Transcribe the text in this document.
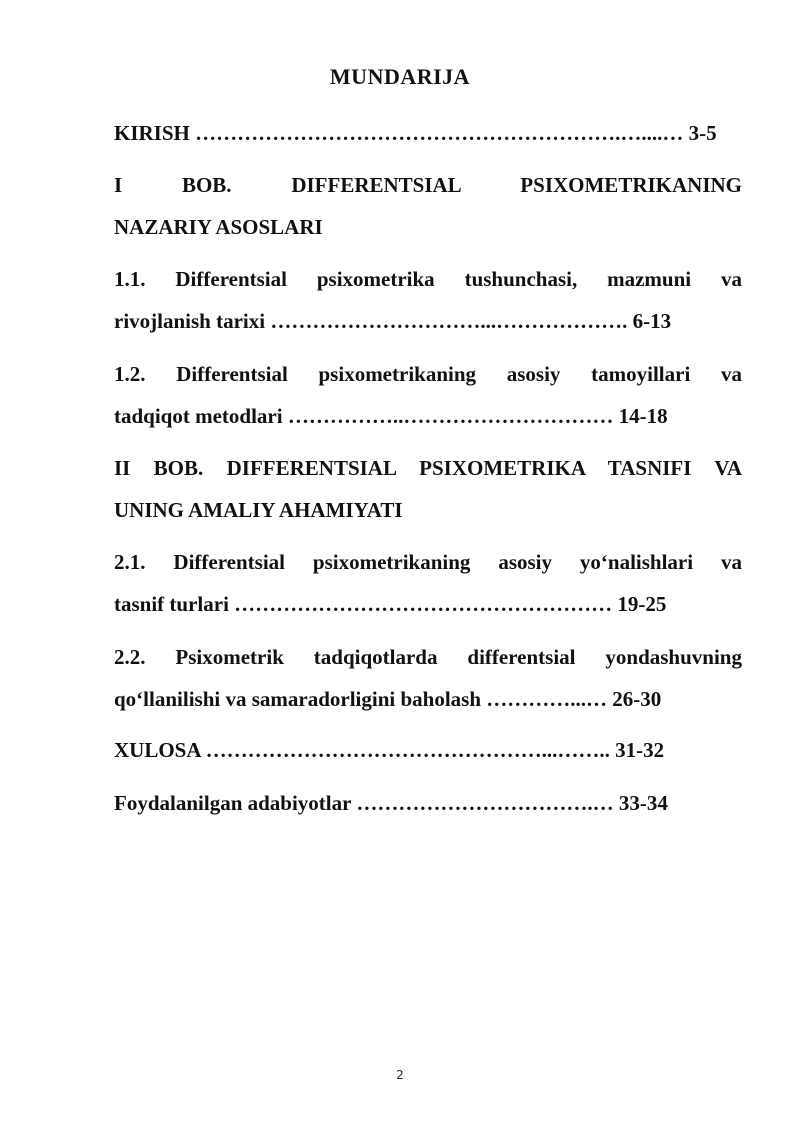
MUNDARIJA
KIRISH …………………………………………………….…....… 3-5
I BOB. DIFFERENTSIAL PSIXOMETRIKANING
NAZARIY ASOSLARI
1.1. Differentsial psixometrika tushunchasi, mazmuni va
rivojlanish tarixi …………………………...………………. 6-13
1.2. Differentsial psixometrikaning asosiy tamoyillari va
tadqiqot metodlari ……………..………………………… 14-18
II BOB. DIFFERENTSIAL PSIXOMETRIKA TASNIFI VA
UNING AMALIY AHAMIYATI
2.1. Differentsial psixometrikaning asosiy yo‘nalishlari va
tasnif turlari ……………………………………………… 19-25
2.2. Psixometrik tadqiqotlarda differentsial yondashuvning
qo‘llanilishi va samaradorligini baholash …………...… 26-30
XULOSA …………………………………………...…….. 31-32
Foydalanilgan adabiyotlar …………………………….… 33-34
2
